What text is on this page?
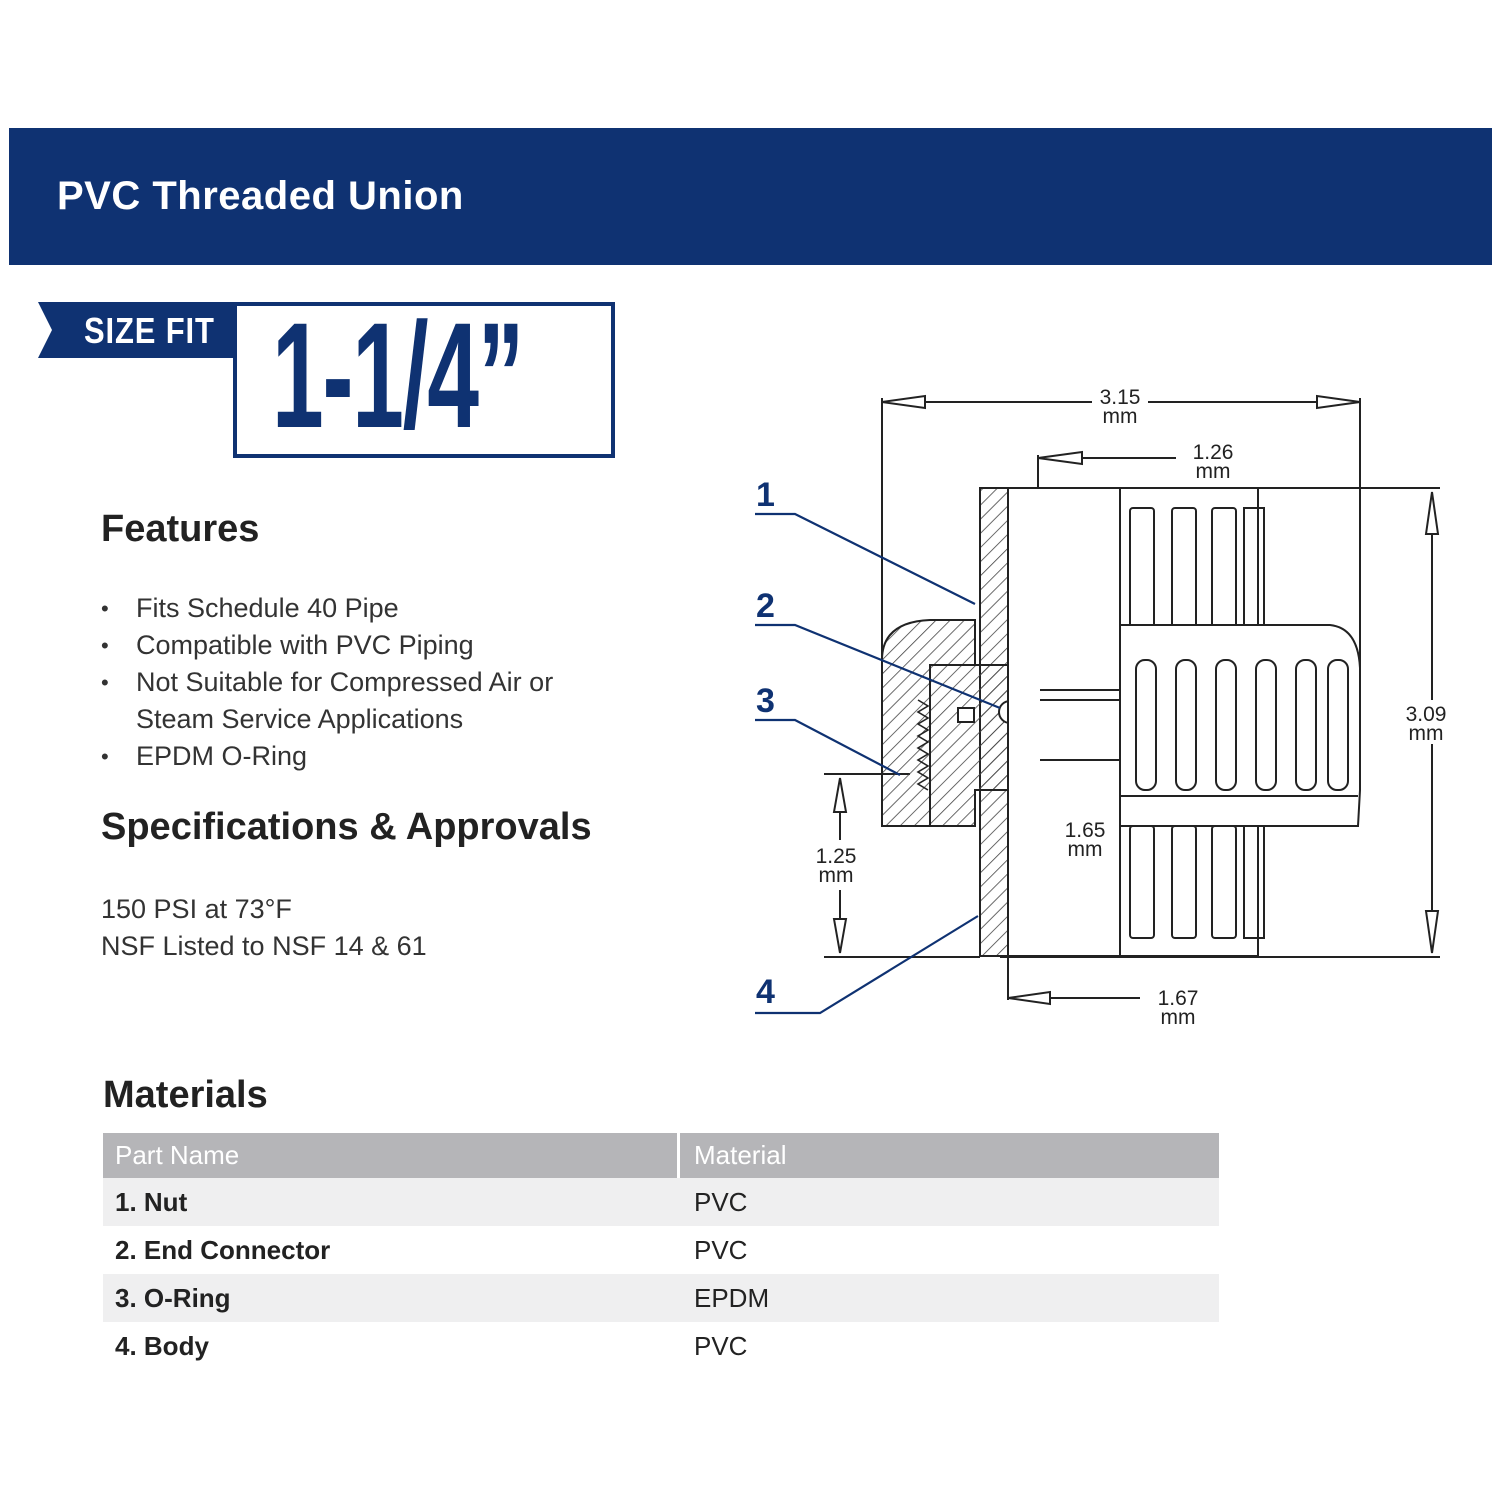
PVC Threaded Union
SIZE FIT 1-1/4”
Features
• Fits Schedule 40 Pipe
• Compatible with PVC Piping
• Not Suitable for Compressed Air or
Steam Service Applications
• EPDM O-Ring
Specifications & Approvals
150 PSI at 73°F
NSF Listed to NSF 14 & 61
1
2
3
4
3.15
mm
1.26
mm
3.09
mm
1.65
mm
1.25
mm
1.67
mm
Materials
Part Name	Material
1. Nut	PVC
2. End Connector	PVC
3. O-Ring	EPDM
4. Body	PVC
